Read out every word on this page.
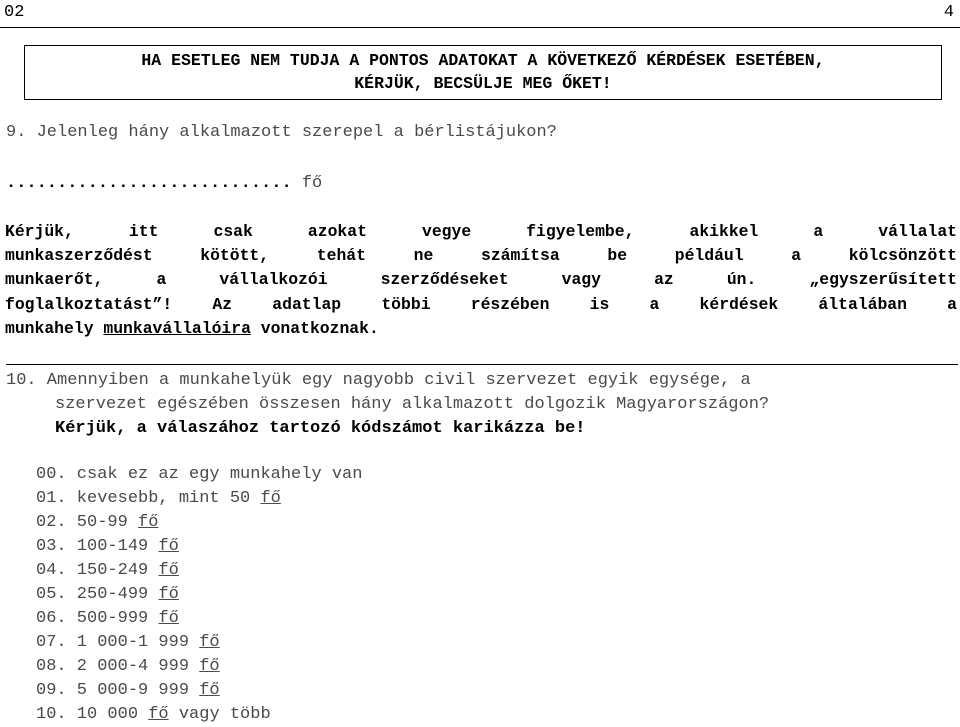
02	4
HA ESETLEG NEM TUDJA A PONTOS ADATOKAT A KÖVETKEZŐ KÉRDÉSEK ESETÉBEN,
KÉRJÜK, BECSÜLJE MEG ŐKET!
9. Jelenleg hány alkalmazott szerepel a bérlistájukon?
............................ fő
Kérjük, itt csak azokat vegye figyelembe, akikkel a vállalat
munkaszerződést kötött, tehát ne számítsa be például a kölcsönzött
munkaerőt, a vállalkozói szerződéseket vagy az ún. „egyszerűsített
foglalkoztatást”! Az adatlap többi részében is a kérdések általában a
munkahely munkavállalóira vonatkoznak.
10. Amennyiben a munkahelyük egy nagyobb civil szervezet egyik egysége, a
szervezet egészében összesen hány alkalmazott dolgozik Magyarországon?
Kérjük, a válaszához tartozó kódszámot karikázza be!
00. csak ez az egy munkahely van
01. kevesebb, mint 50 fő
02. 50-99 fő
03. 100-149 fő
04. 150-249 fő
05. 250-499 fő
06. 500-999 fő
07. 1 000-1 999 fő
08. 2 000-4 999 fő
09. 5 000-9 999 fő
10. 10 000 fő vagy több
